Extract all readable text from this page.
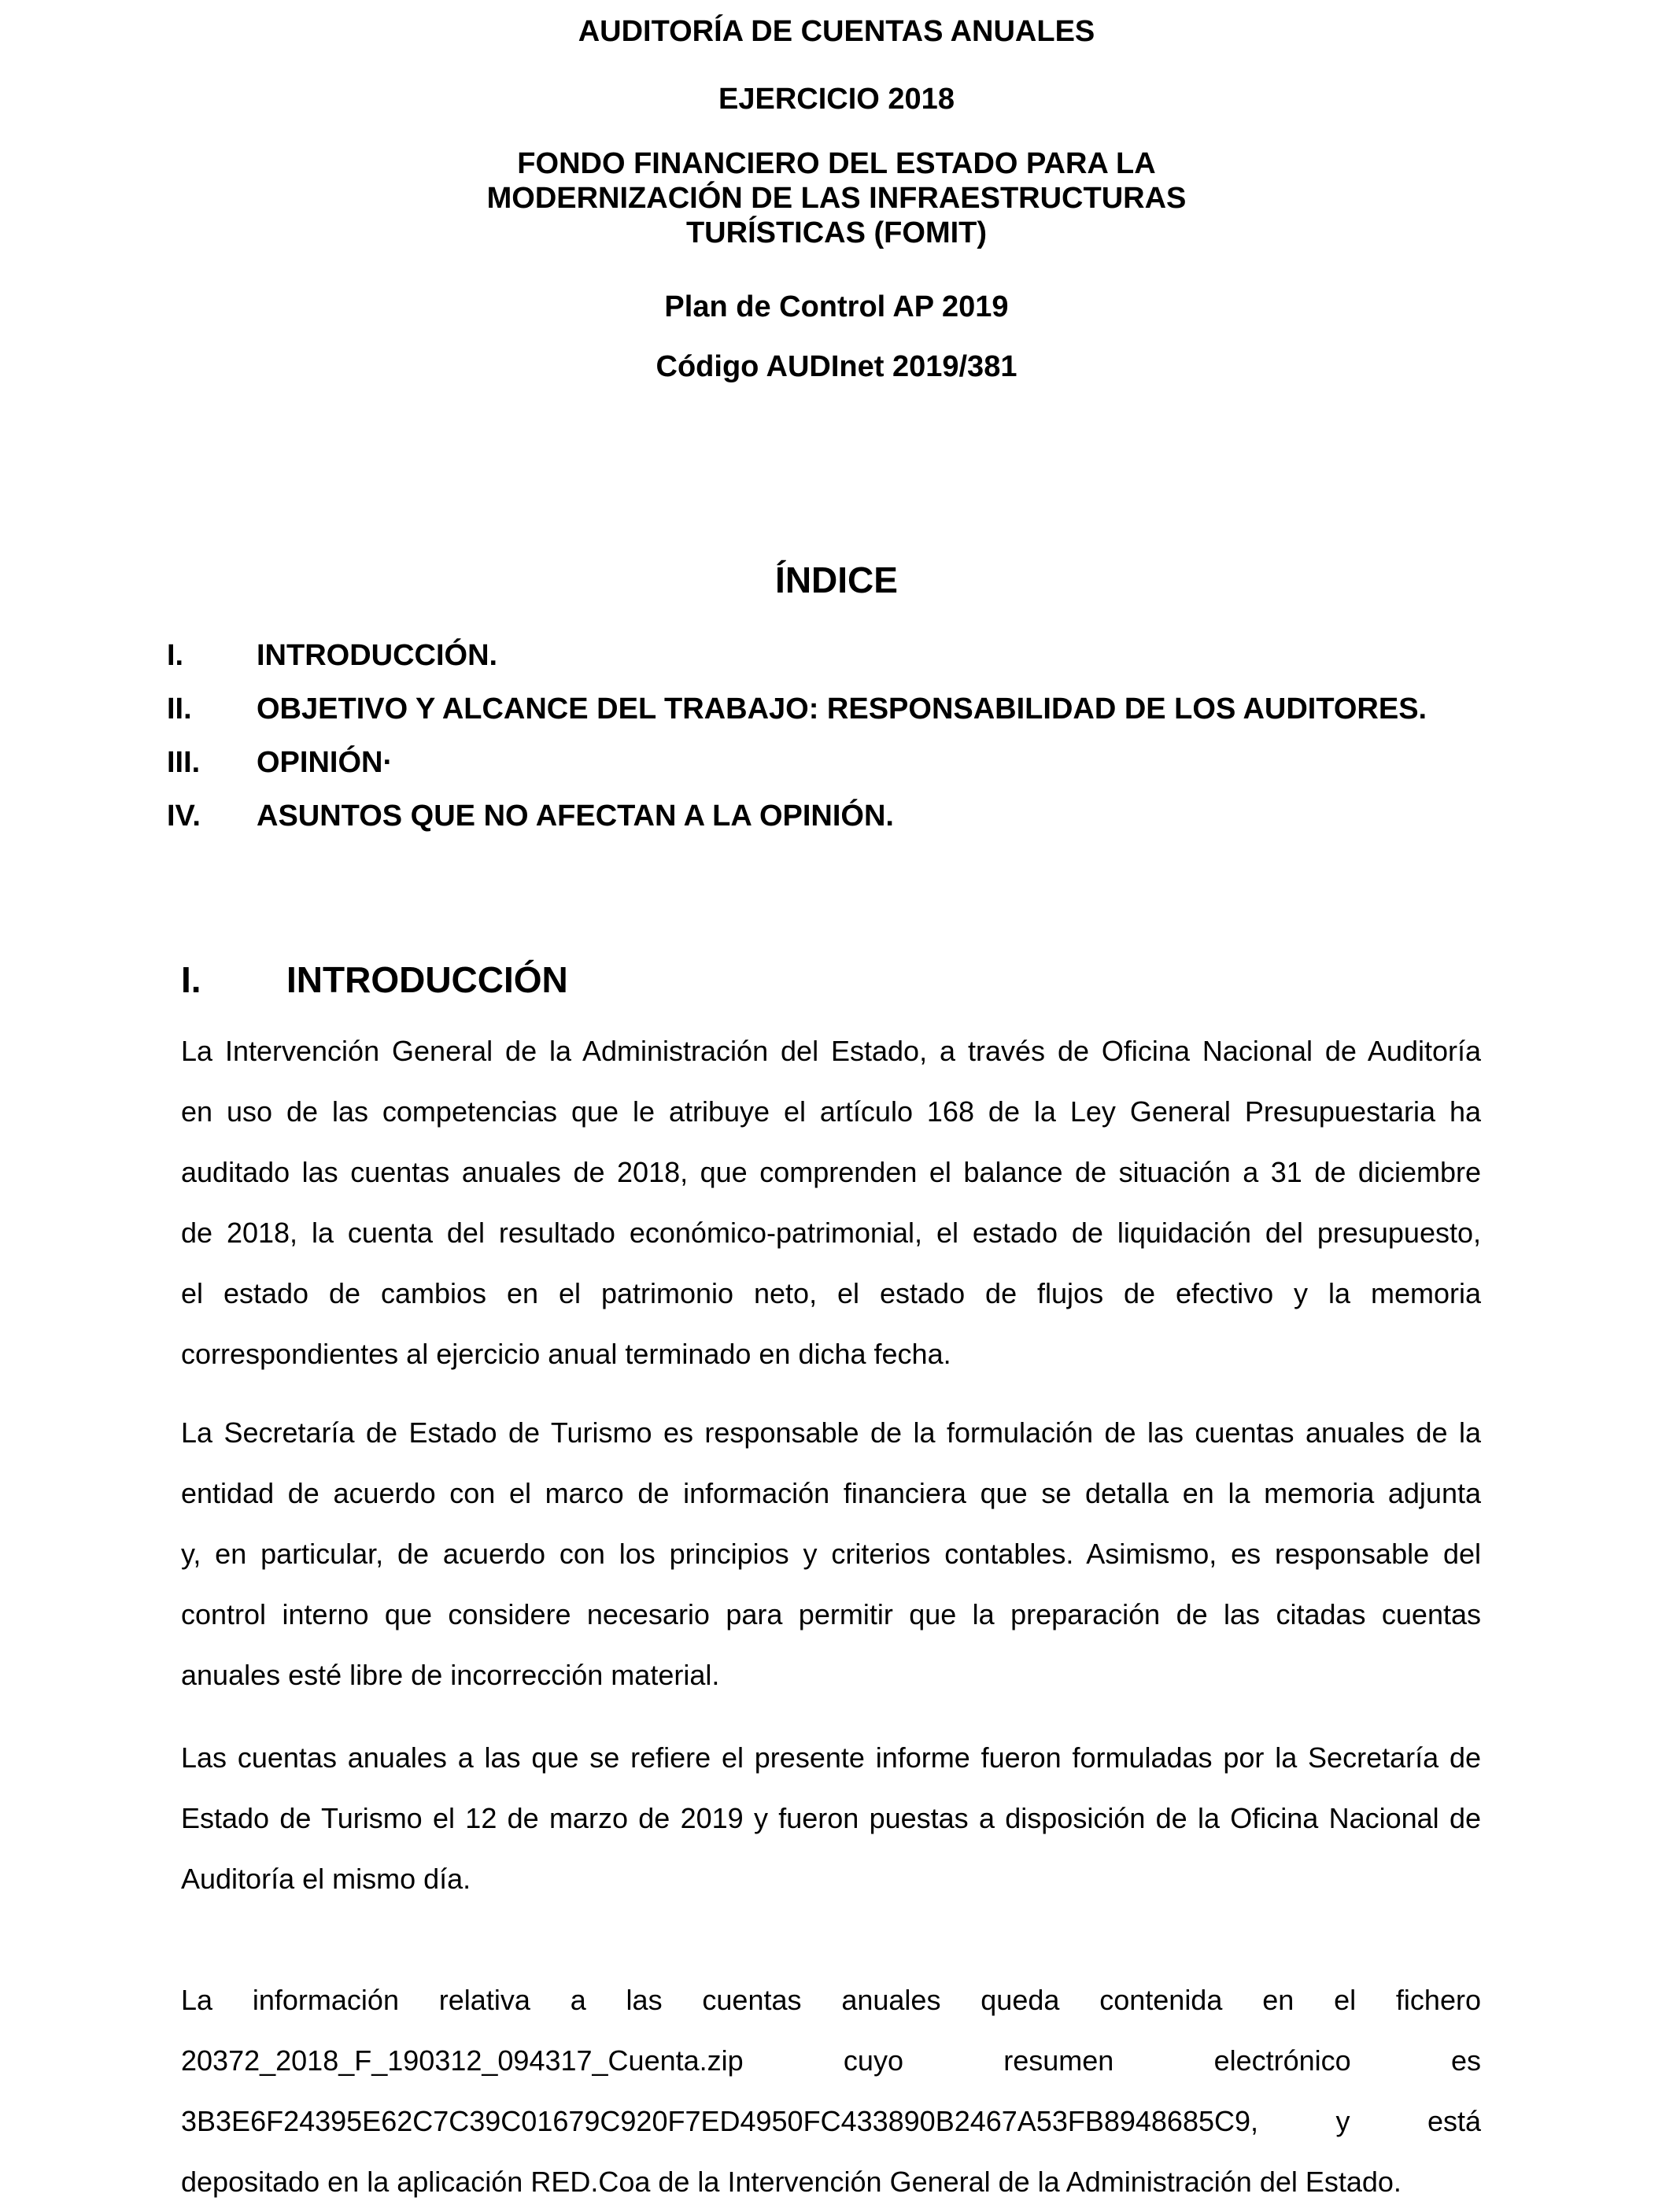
AUDITORÍA DE CUENTAS ANUALES
EJERCICIO 2018
FONDO FINANCIERO DEL ESTADO PARA LA
MODERNIZACIÓN DE LAS INFRAESTRUCTURAS
TURÍSTICAS (FOMIT)
Plan de Control AP 2019
Código AUDInet 2019/381
ÍNDICE
I. INTRODUCCIÓN.
II. OBJETIVO Y ALCANCE DEL TRABAJO: RESPONSABILIDAD DE LOS AUDITORES.
III. OPINIÓN·
IV. ASUNTOS QUE NO AFECTAN A LA OPINIÓN.
I. INTRODUCCIÓN

La Intervención General de la Administración del Estado, a través de Oficina Nacional de Auditoría
en uso de las competencias que le atribuye el artículo 168 de la Ley General Presupuestaria ha
auditado las cuentas anuales de 2018, que comprenden el balance de situación a 31 de diciembre
de 2018, la cuenta del resultado económico-patrimonial, el estado de liquidación del presupuesto,
el estado de cambios en el patrimonio neto, el estado de flujos de efectivo y la memoria
correspondientes al ejercicio anual terminado en dicha fecha.

La Secretaría de Estado de Turismo es responsable de la formulación de las cuentas anuales de la
entidad de acuerdo con el marco de información financiera que se detalla en la memoria adjunta
y, en particular, de acuerdo con los principios y criterios contables. Asimismo, es responsable del
control interno que considere necesario para permitir que la preparación de las citadas cuentas
anuales esté libre de incorrección material.

Las cuentas anuales a las que se refiere el presente informe fueron formuladas por la Secretaría de
Estado de Turismo el 12 de marzo de 2019 y fueron puestas a disposición de la Oficina Nacional de
Auditoría el mismo día.

La información relativa a las cuentas anuales queda contenida en el fichero
20372_2018_F_190312_094317_Cuenta.zip cuyo resumen electrónico es
3B3E6F24395E62C7C39C01679C920F7ED4950FC433890B2467A53FB8948685C9, y está
depositado en la aplicación RED.Coa de la Intervención General de la Administración del Estado.
